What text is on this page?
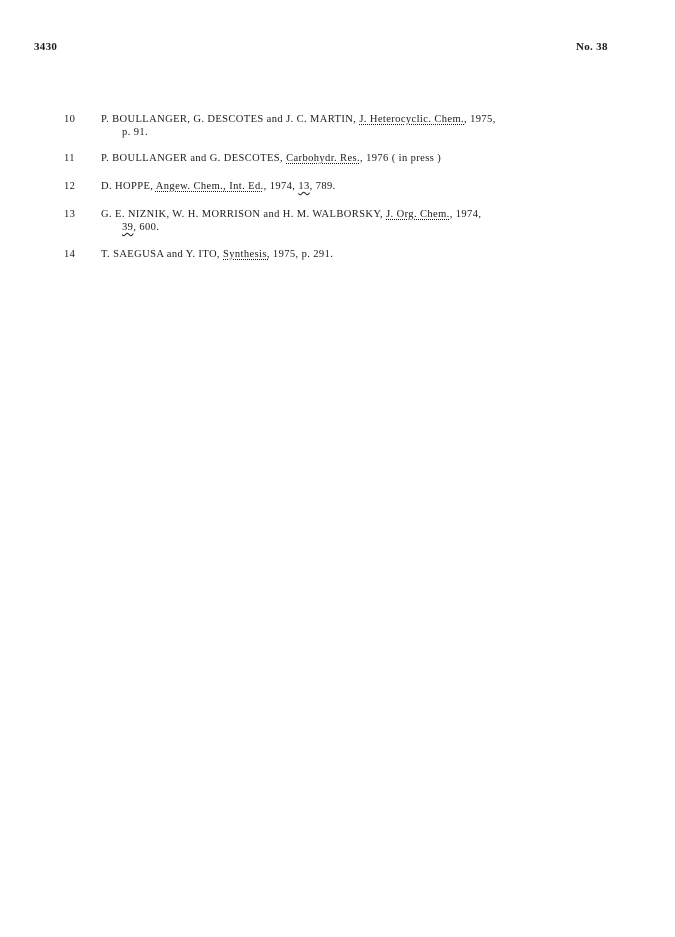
3430	No. 38
10 P. BOULLANGER, G. DESCOTES and J. C. MARTIN, J. Heterocyclic. Chem., 1975,
p. 91.
11 P. BOULLANGER and G. DESCOTES, Carbohydr. Res., 1976 ( in press )
12 D. HOPPE, Angew. Chem., Int. Ed., 1974, 13, 789.
13 G. E. NIZNIK, W. H. MORRISON and H. M. WALBORSKY, J. Org. Chem., 1974,
39, 600.
14 T. SAEGUSA and Y. ITO, Synthesis, 1975, p. 291.
